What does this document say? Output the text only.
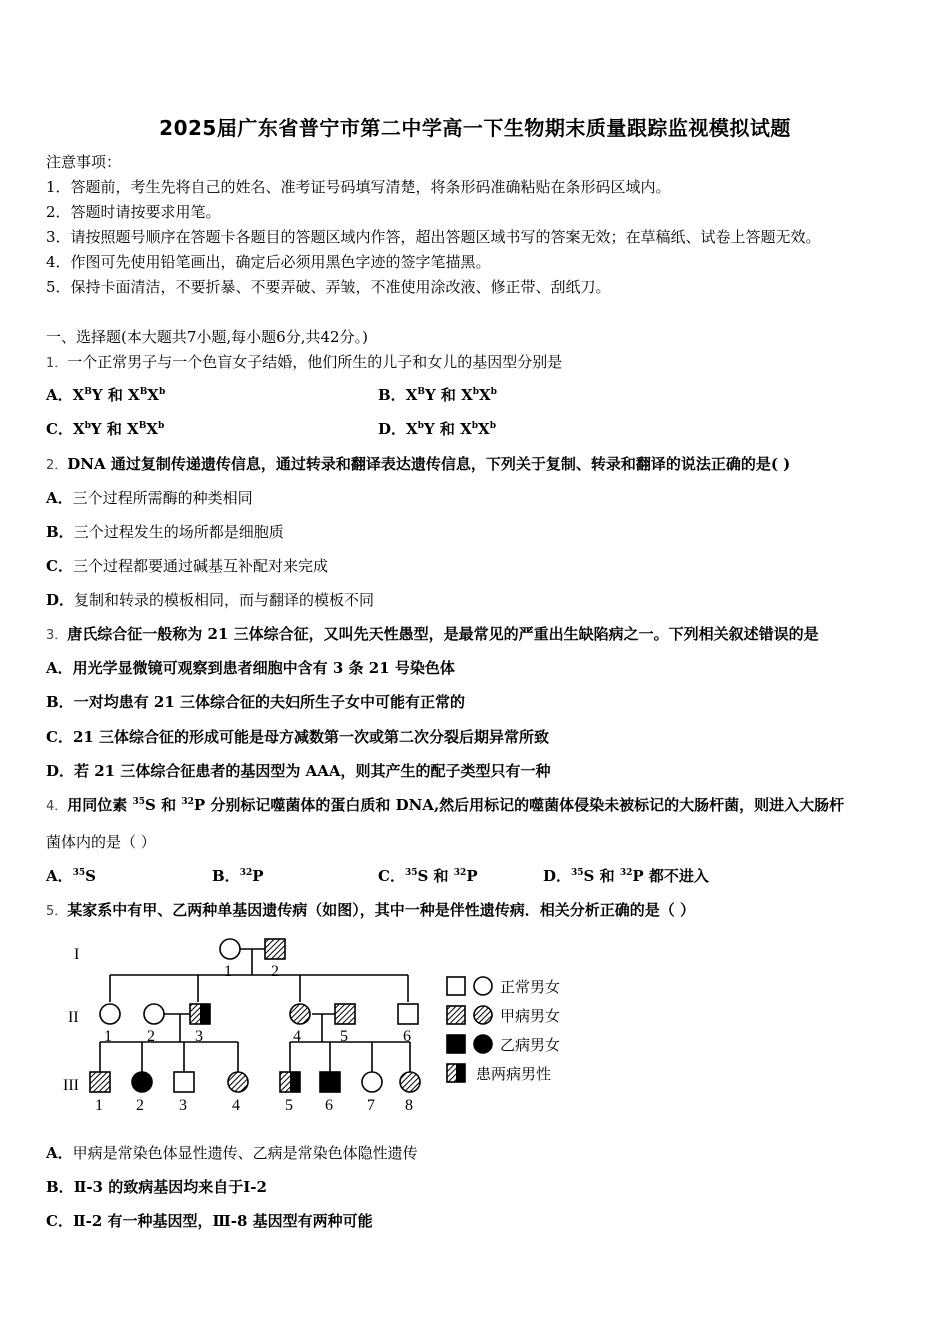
2025届广东省普宁市第二中学高一下生物期末质量跟踪监视模拟试题
注意事项：
1．答题前，考生先将自己的姓名、准考证号码填写清楚，将条形码准确粘贴在条形码区域内。
2．答题时请按要求用笔。
3．请按照题号顺序在答题卡各题目的答题区域内作答，超出答题区域书写的答案无效；在草稿纸、试卷上答题无效。
4．作图可先使用铅笔画出，确定后必须用黑色字迹的签字笔描黑。
5．保持卡面清洁，不要折暴、不要弄破、弄皱，不准使用涂改液、修正带、刮纸刀。
一、选择题(本大题共7小题,每小题6分,共42分。)
1．一个正常男子与一个色盲女子结婚，他们所生的儿子和女儿的基因型分别是
A．$X^BY$ 和 $X^BX^b$	B．$X^BY$ 和 $X^bX^b$
C．$X^bY$ 和 $X^BX^b$	D．$X^bY$ 和 $X^bX^b$
2．DNA 通过复制传递遗传信息，通过转录和翻译表达遗传信息，下列关于复制、转录和翻译的说法正确的是( )
A．三个过程所需酶的种类相同
B．三个过程发生的场所都是细胞质
C．三个过程都要通过碱基互补配对来完成
D．复制和转录的模板相同，而与翻译的模板不同
3．唐氏综合征一般称为 21 三体综合征，又叫先天性愚型，是最常见的严重出生缺陷病之一。下列相关叙述错误的是
A．用光学显微镜可观察到患者细胞中含有 3 条 21 号染色体
B．一对均患有 21 三体综合征的夫妇所生子女中可能有正常的
C．21 三体综合征的形成可能是母方减数第一次或第二次分裂后期异常所致
D．若 21 三体综合征患者的基因型为 AAA，则其产生的配子类型只有一种
4．用同位素 $^{35}$S 和 $^{32}$P 分别标记噬菌体的蛋白质和 DNA,然后用标记的噬菌体侵染未被标记的大肠杆菌，则进入大肠杆
菌体内的是（ ）
A．$^{35}$S	B．$^{32}$P	C．$^{35}$S 和 $^{32}$P	D．$^{35}$S 和 $^{32}$P 都不进入
5．某家系中有甲、乙两种单基因遗传病（如图），其中一种是伴性遗传病．相关分析正确的是（ ）
I
II
III
1 2
1 2	3	4 5	6
1 2 3	4	5 6 7 8
正常男女
甲病男女
乙病男女
患两病男性
A．甲病是常染色体显性遗传、乙病是常染色体隐性遗传
B．Ⅱ-3 的致病基因均来自于Ⅰ-2
C．Ⅱ-2 有一种基因型，Ⅲ-8 基因型有两种可能
